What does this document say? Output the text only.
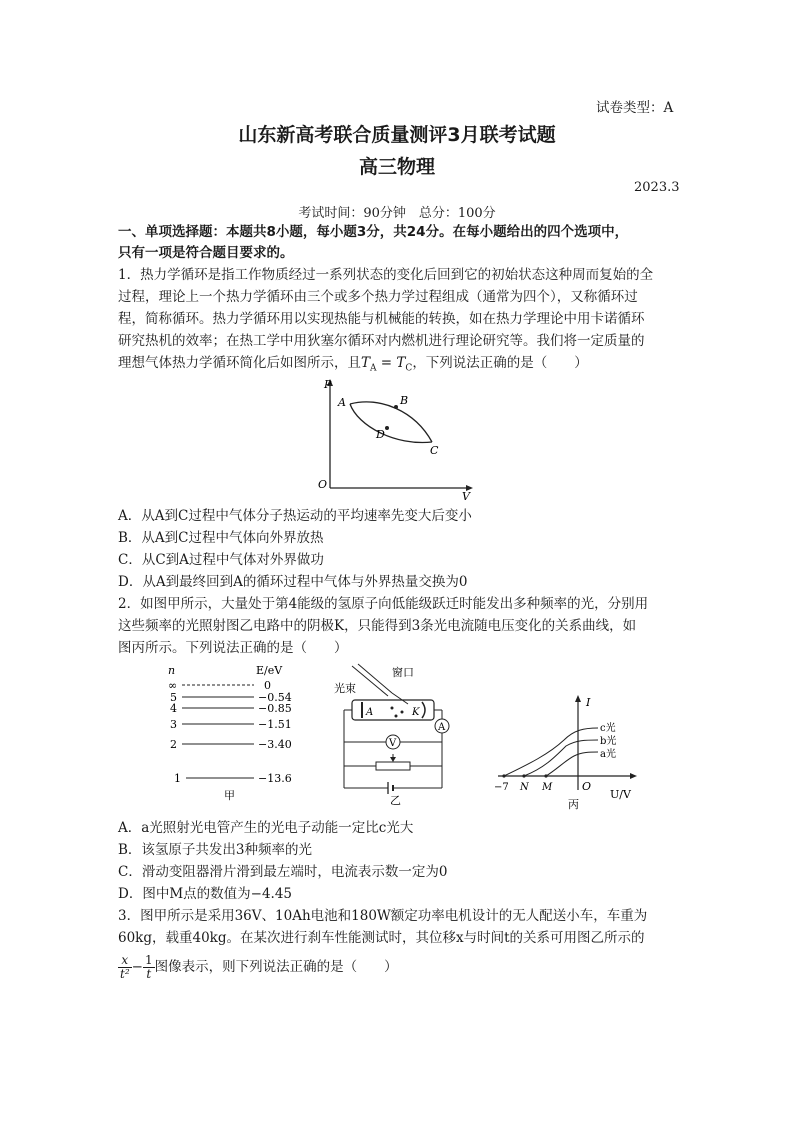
试卷类型：A
山东新高考联合质量测评3月联考试题
高三物理
2023.3
考试时间：90分钟　总分：100分
一、单项选择题：本题共8小题，每小题3分，共24分。在每小题给出的四个选项中，
只有一项是符合题目要求的。
1．热力学循环是指工作物质经过一系列状态的变化后回到它的初始状态这种周而复始的全
过程，理论上一个热力学循环由三个或多个热力学过程组成（通常为四个），又称循环过
程，简称循环。热力学循环用以实现热能与机械能的转换，如在热力学理论中用卡诺循环
研究热机的效率；在热工学中用狄塞尔循环对内燃机进行理论研究等。我们将一定质量的
理想气体热力学循环简化后如图所示，且$T_A = T_C$，下列说法正确的是（　　）
P
V
O
A	B
C
D
A．从A到C过程中气体分子热运动的平均速率先变大后变小
B．从A到C过程中气体向外界放热
C．从C到A过程中气体对外界做功
D．从A到最终回到A的循环过程中气体与外界热量交换为0
2．如图甲所示，大量处于第4能级的氢原子向低能级跃迁时能发出多种频率的光，分别用
这些频率的光照射图乙电路中的阴极K，只能得到3条光电流随电压变化的关系曲线，如
图丙所示。下列说法正确的是（　　）
n	E/eV
∞	0
5	−0.54
4	−0.85
3	−1.51
2	−3.40
1	−13.6
甲
窗口
光束
A	K
A
V
乙
I
U/V
O
−7 N M
c光
b光
a光
丙
A．a光照射光电管产生的光电子动能一定比c光大
B．该氢原子共发出3种频率的光
C．滑动变阻器滑片滑到最左端时，电流表示数一定为0
D．图中M点的数值为−4.45
3．图甲所示是采用36V、10Ah电池和180W额定功率电机设计的无人配送小车，车重为
60kg，载重40kg。在某次进行刹车性能测试时，其位移x与时间t的关系可用图乙所示的
$\frac{x}{\text{t²}} - \frac{1}{t}$ 图像表示，则下列说法正确的是（　　）
